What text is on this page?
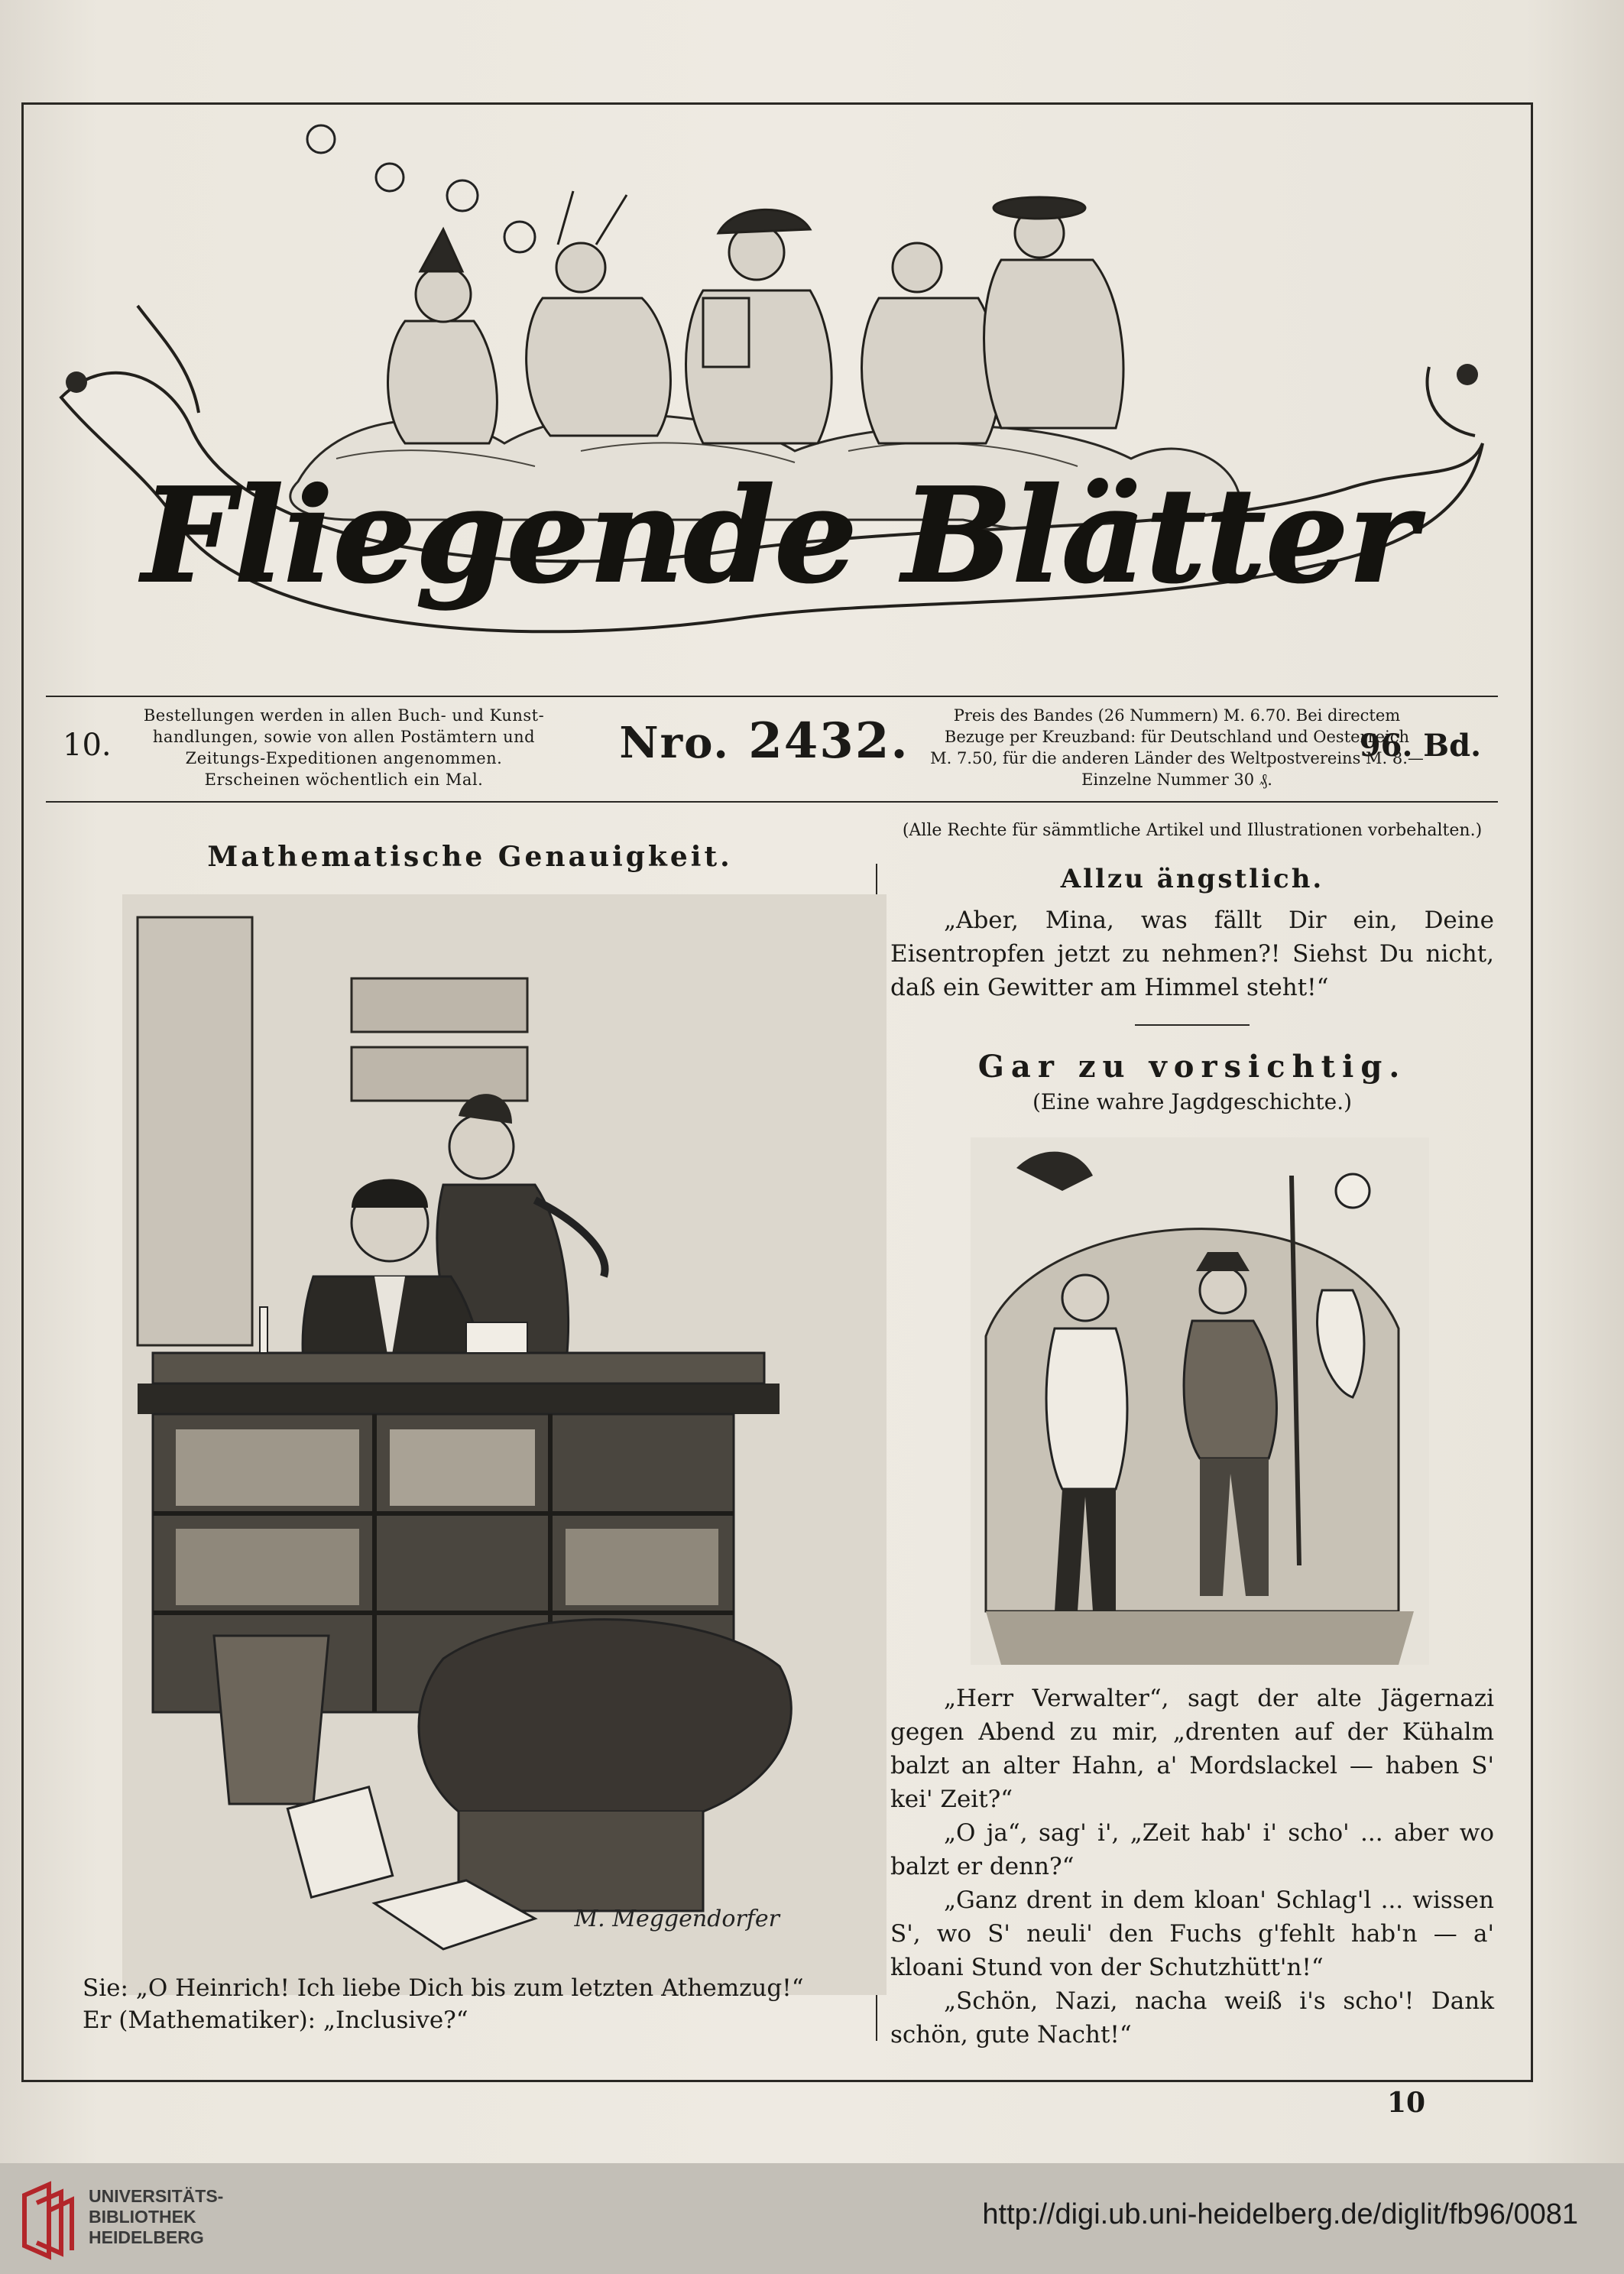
Fliegende Blätter
10.
Bestellungen werden in allen Buch- und Kunst-
handlungen, sowie von allen Postämtern und
Zeitungs-Expeditionen angenommen.
Erscheinen wöchentlich ein Mal.
Nro. 2432.	Preis des Bandes (26 Nummern) M. 6.70. Bei directem
Bezuge per Kreuzband: für Deutschland und Oesterreich
M. 7.50, für die anderen Länder des Weltpostvereins M. 8.—
Einzelne Nummer 30 ₰.
96. Bd.
Mathematische Genauigkeit.
M. Meggendorfer

Sie: „O Heinrich! Ich liebe Dich bis zum letzten Athemzug!“

Er (Mathematiker): „Inclusive?“

(Alle Rechte für sämmtliche Artikel und Illustrationen vorbehalten.)
Allzu ängstlich.

„Aber, Mina, was fällt Dir ein, Deine Eisentropfen jetzt zu nehmen?! Siehst Du nicht, daß ein Gewitter am Himmel steht!“

Gar zu vorsichtig.
(Eine wahre Jagdgeschichte.)

„Herr Verwalter“, sagt der alte Jägernazi gegen Abend zu mir, „drenten auf der Kühalm balzt an alter Hahn, a' Mordslackel — haben S' kei' Zeit?“

„O ja“, sag' i', „Zeit hab' i' scho' ... aber wo balzt er denn?“

„Ganz drent in dem kloan' Schlag'l ... wissen S', wo S' neuli' den Fuchs g'fehlt hab'n — a' kloani Stund von der Schutzhütt'n!“

„Schön, Nazi, nacha weiß i's scho'! Dank schön, gute Nacht!“

10
UNIVERSITÄTS-
BIBLIOTHEK
HEIDELBERG
http://digi.ub.uni-heidelberg.de/diglit/fb96/0081
